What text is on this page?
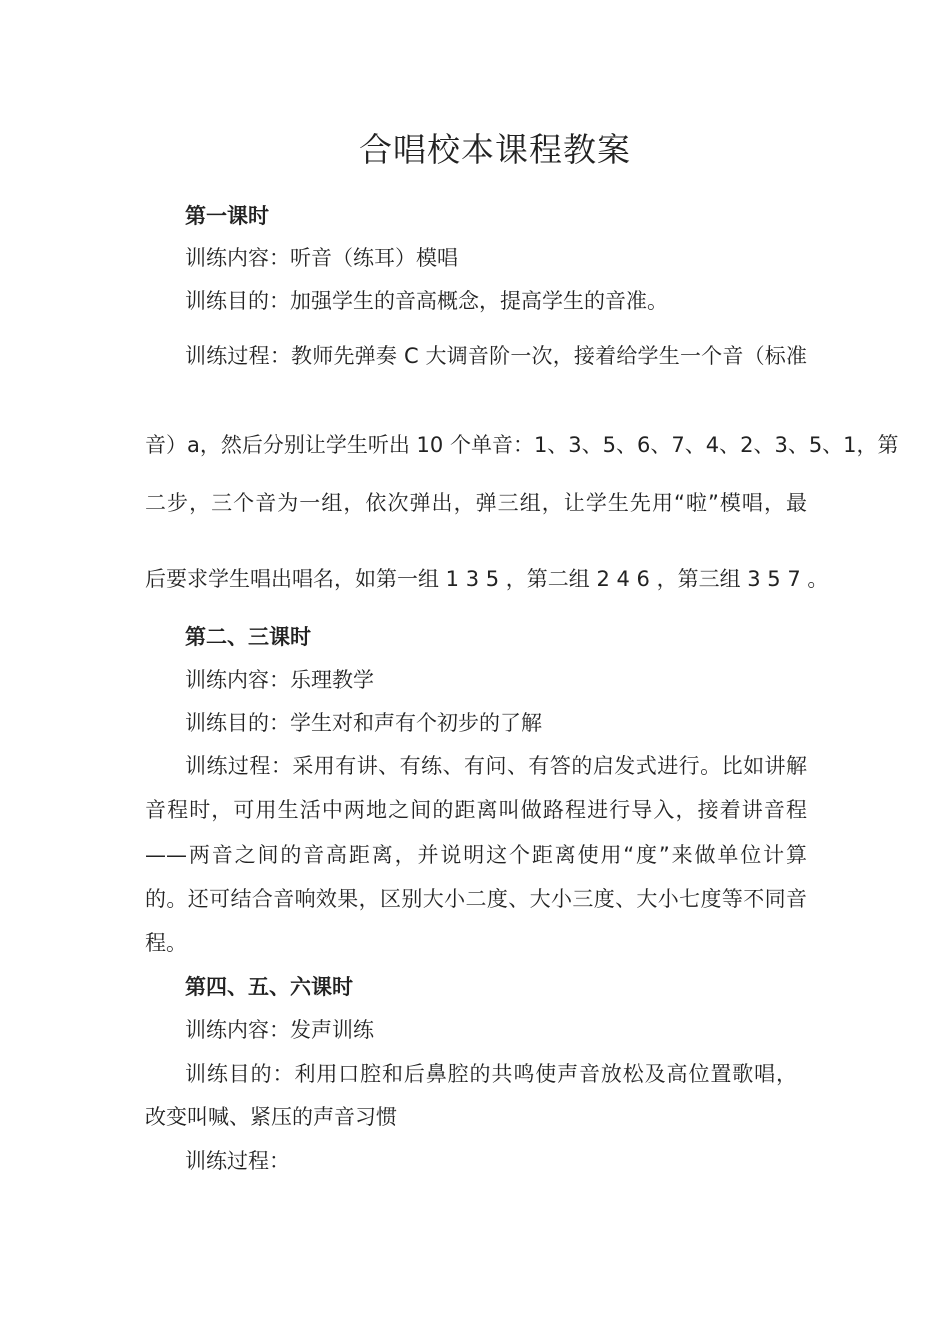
合唱校本课程教案
第一课时
训练内容：听音（练耳）模唱
训练目的：加强学生的音高概念，提高学生的音准。
训练过程：教师先弹奏 C 大调音阶一次，接着给学生一个音（标准
音）a，然后分别让学生听出 10 个单音：1、3、5、6、7、4、2、3、5、1，第
二步，三个音为一组，依次弹出，弹三组，让学生先用“啦”模唱，最
后要求学生唱出唱名，如第一组 1 3 5 ，第二组 2 4 6 ，第三组 3 5 7 。
第二、三课时
训练内容：乐理教学
训练目的：学生对和声有个初步的了解
训练过程：采用有讲、有练、有问、有答的启发式进行。比如讲解
音程时，可用生活中两地之间的距离叫做路程进行导入，接着讲音程
——两音之间的音高距离，并说明这个距离使用“度”来做单位计算
的。还可结合音响效果，区别大小二度、大小三度、大小七度等不同音
程。
第四、五、六课时
训练内容：发声训练
训练目的：利用口腔和后鼻腔的共鸣使声音放松及高位置歌唱，
改变叫喊、紧压的声音习惯
训练过程：
